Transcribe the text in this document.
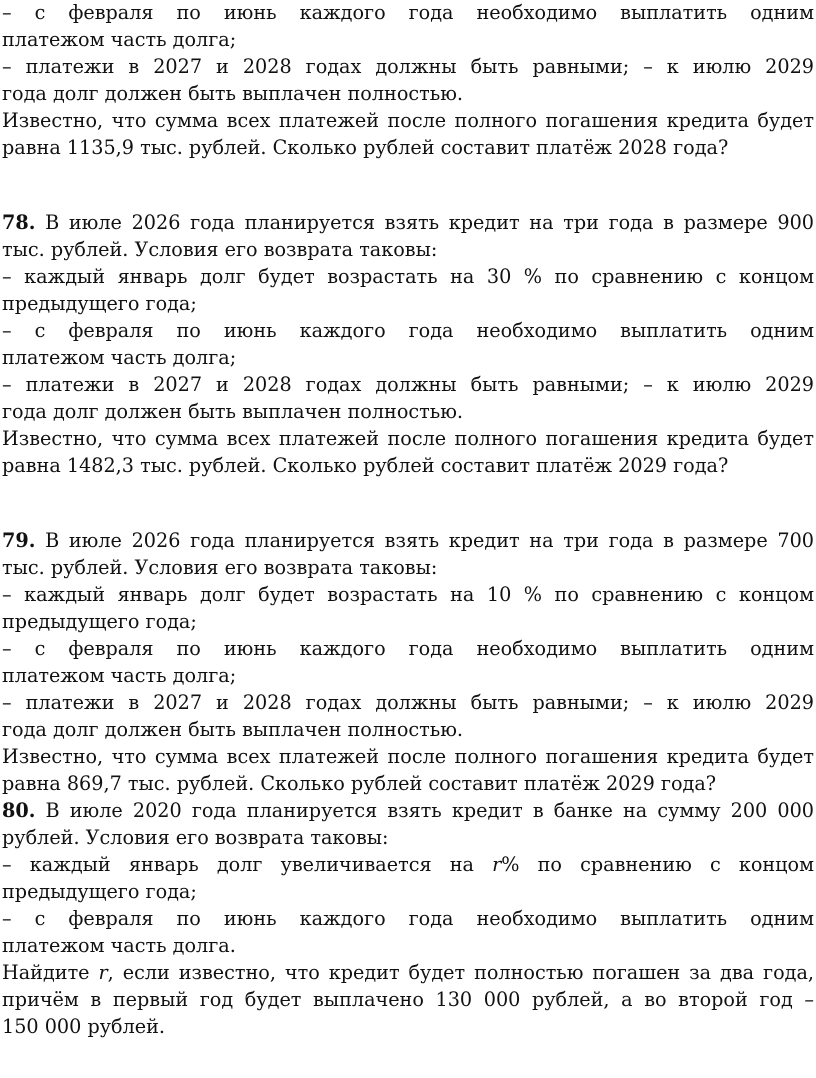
– с февраля по июнь каждого года необходимо выплатить одним
платежом часть долга;
– платежи в 2027 и 2028 годах должны быть равными; – к июлю 2029
года долг должен быть выплачен полностью.
Известно, что сумма всех платежей после полного погашения кредита будет
равна 1135,9 тыс. рублей. Сколько рублей составит платёж 2028 года?
78. В июле 2026 года планируется взять кредит на три года в размере 900
тыс. рублей. Условия его возврата таковы:
– каждый январь долг будет возрастать на 30 % по сравнению с концом
предыдущего года;
– с февраля по июнь каждого года необходимо выплатить одним
платежом часть долга;
– платежи в 2027 и 2028 годах должны быть равными; – к июлю 2029
года долг должен быть выплачен полностью.
Известно, что сумма всех платежей после полного погашения кредита будет
равна 1482,3 тыс. рублей. Сколько рублей составит платёж 2029 года?
79. В июле 2026 года планируется взять кредит на три года в размере 700
тыс. рублей. Условия его возврата таковы:
– каждый январь долг будет возрастать на 10 % по сравнению с концом
предыдущего года;
– с февраля по июнь каждого года необходимо выплатить одним
платежом часть долга;
– платежи в 2027 и 2028 годах должны быть равными; – к июлю 2029
года долг должен быть выплачен полностью.
Известно, что сумма всех платежей после полного погашения кредита будет
равна 869,7 тыс. рублей. Сколько рублей составит платёж 2029 года?
80. В июле 2020 года планируется взять кредит в банке на сумму 200 000
рублей. Условия его возврата таковы:
– каждый январь долг увеличивается на r% по сравнению с концом
предыдущего года;
– с февраля по июнь каждого года необходимо выплатить одним
платежом часть долга.
Найдите r, если известно, что кредит будет полностью погашен за два года,
причём в первый год будет выплачено 130 000 рублей, а во второй год –
150 000 рублей.
